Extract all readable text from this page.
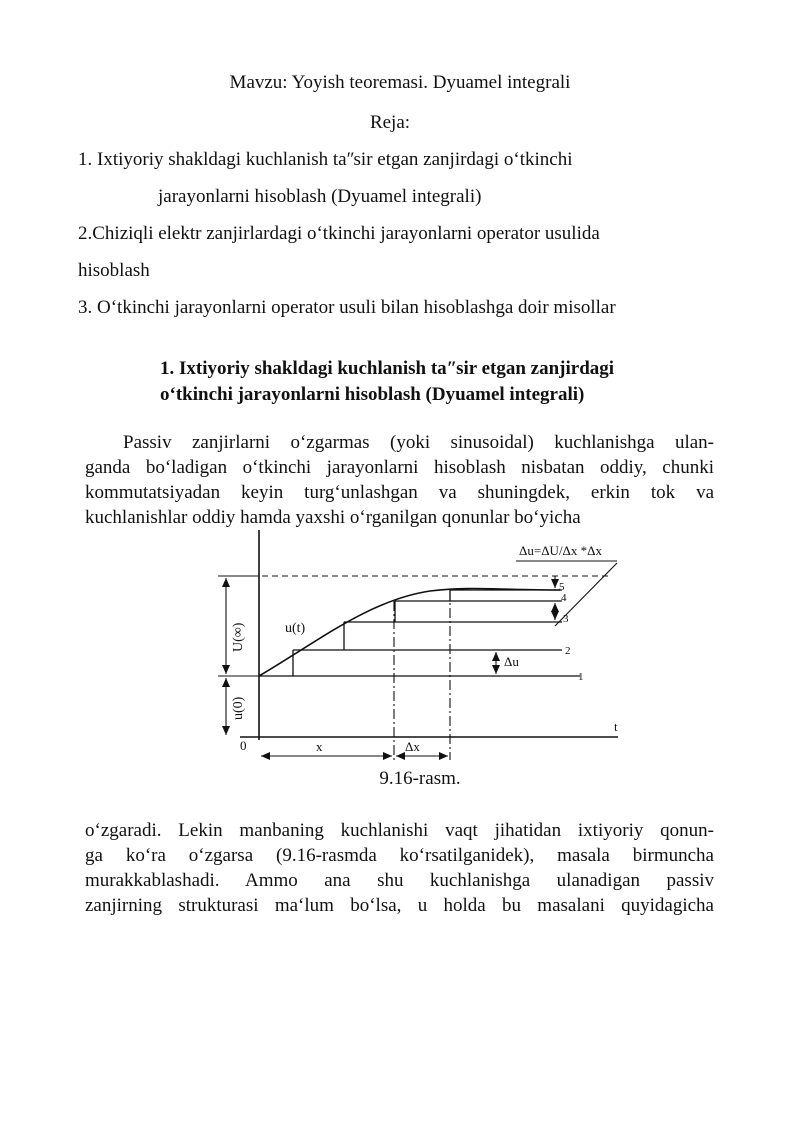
Mavzu: Yoyish teoremasi. Dyuamel integrali
Reja:
1. Ixtiyoriy shakldagi kuchlanish taʺsir etgan zanjirdagi oʻtkinchi
jarayonlarni hisoblash (Dyuamel integrali)
2.Chiziqli elektr zanjirlardagi oʻtkinchi jarayonlarni operator usulida
hisoblash
3. Oʻtkinchi jarayonlarni operator usuli bilan hisoblashga doir misollar
1. Ixtiyoriy shakldagi kuchlanish taʺsir etgan zanjirdagi
oʻtkinchi jarayonlarni hisoblash (Dyuamel integrali)
Passiv zanjirlarni oʻzgarmas (yoki sinusoidal) kuchlanishga ulan-
ganda boʻladigan oʻtkinchi jarayonlarni hisoblash nisbatan oddiy, chunki
kommutatsiyadan keyin turgʻunlashgan va shuningdek, erkin tok va
kuchlanishlar oddiy hamda yaxshi oʻrganilgan qonunlar boʻyicha
Δu=ΔU/Δx *Δx
u(t)
U(∞)
u(0)
0
t
x	Δx
Δu
1
2
3
4
5
9.16-rasm.
oʻzgaradi. Lekin manbaning kuchlanishi vaqt jihatidan ixtiyoriy qonun-
ga koʻra oʻzgarsa (9.16-rasmda koʻrsatilganidek), masala birmuncha
murakkablashadi. Ammo ana shu kuchlanishga ulanadigan passiv
zanjirning strukturasi maʻlum boʻlsa, u holda bu masalani quyidagicha
